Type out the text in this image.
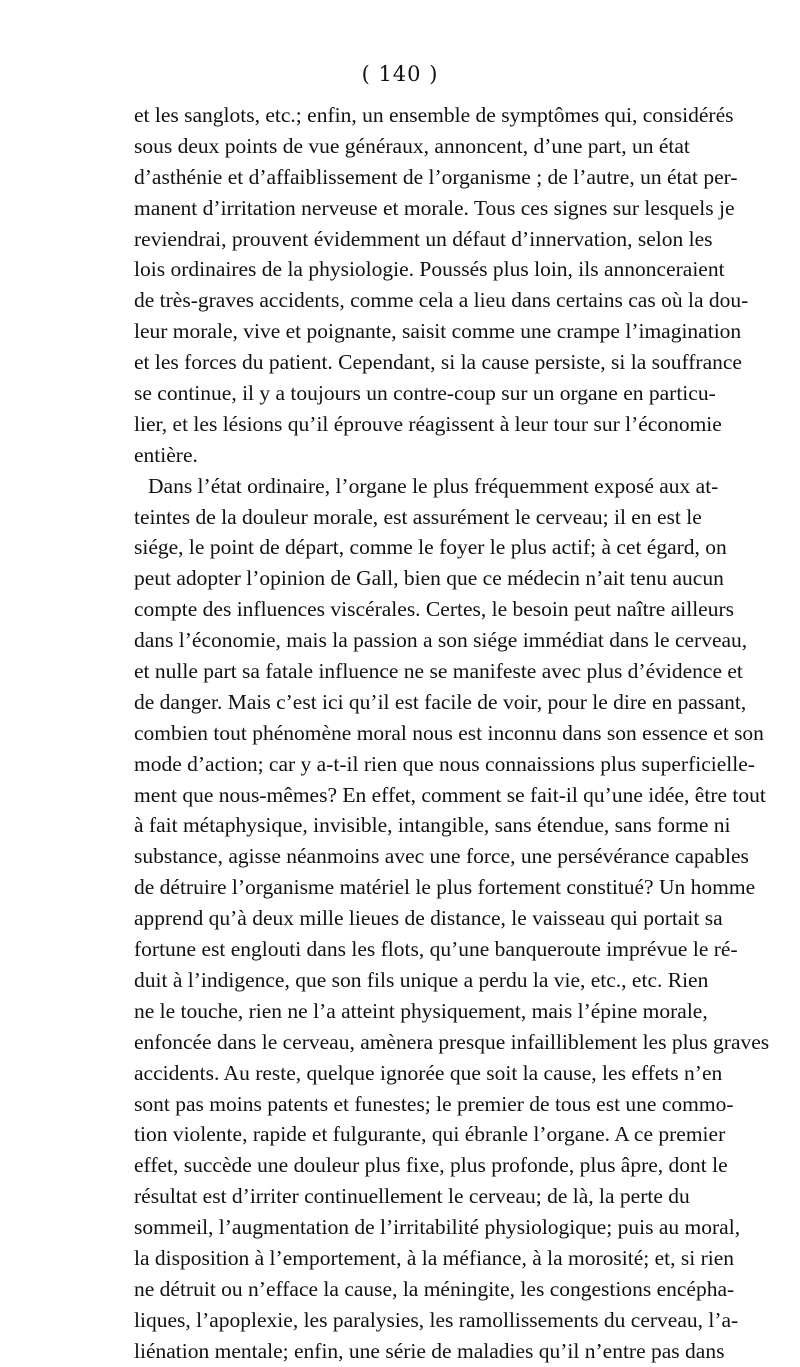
( 140 )
et les sanglots, etc.; enfin, un ensemble de symptômes qui, considérés
sous deux points de vue généraux, annoncent, d’une part, un état
d’asthénie et d’affaiblissement de l’organisme ; de l’autre, un état per-
manent d’irritation nerveuse et morale. Tous ces signes sur lesquels je
reviendrai, prouvent évidemment un défaut d’innervation, selon les
lois ordinaires de la physiologie. Poussés plus loin, ils annonceraient
de très-graves accidents, comme cela a lieu dans certains cas où la dou-
leur morale, vive et poignante, saisit comme une crampe l’imagination
et les forces du patient. Cependant, si la cause persiste, si la souffrance
se continue, il y a toujours un contre-coup sur un organe en particu-
lier, et les lésions qu’il éprouve réagissent à leur tour sur l’économie
entière.
Dans l’état ordinaire, l’organe le plus fréquemment exposé aux at-
teintes de la douleur morale, est assurément le cerveau; il en est le
siége, le point de départ, comme le foyer le plus actif; à cet égard, on
peut adopter l’opinion de Gall, bien que ce médecin n’ait tenu aucun
compte des influences viscérales. Certes, le besoin peut naître ailleurs
dans l’économie, mais la passion a son siége immédiat dans le cerveau,
et nulle part sa fatale influence ne se manifeste avec plus d’évidence et
de danger. Mais c’est ici qu’il est facile de voir, pour le dire en passant,
combien tout phénomène moral nous est inconnu dans son essence et son
mode d’action; car y a-t-il rien que nous connaissions plus superficielle-
ment que nous-mêmes? En effet, comment se fait-il qu’une idée, être tout
à fait métaphysique, invisible, intangible, sans étendue, sans forme ni
substance, agisse néanmoins avec une force, une persévérance capables
de détruire l’organisme matériel le plus fortement constitué? Un homme
apprend qu’à deux mille lieues de distance, le vaisseau qui portait sa
fortune est englouti dans les flots, qu’une banqueroute imprévue le ré-
duit à l’indigence, que son fils unique a perdu la vie, etc., etc. Rien
ne le touche, rien ne l’a atteint physiquement, mais l’épine morale,
enfoncée dans le cerveau, amènera presque infailliblement les plus graves
accidents. Au reste, quelque ignorée que soit la cause, les effets n’en
sont pas moins patents et funestes; le premier de tous est une commo-
tion violente, rapide et fulgurante, qui ébranle l’organe. A ce premier
effet, succède une douleur plus fixe, plus profonde, plus âpre, dont le
résultat est d’irriter continuellement le cerveau; de là, la perte du
sommeil, l’augmentation de l’irritabilité physiologique; puis au moral,
la disposition à l’emportement, à la méfiance, à la morosité; et, si rien
ne détruit ou n’efface la cause, la méningite, les congestions encépha-
liques, l’apoplexie, les paralysies, les ramollissements du cerveau, l’a-
liénation mentale; enfin, une série de maladies qu’il n’entre pas dans
